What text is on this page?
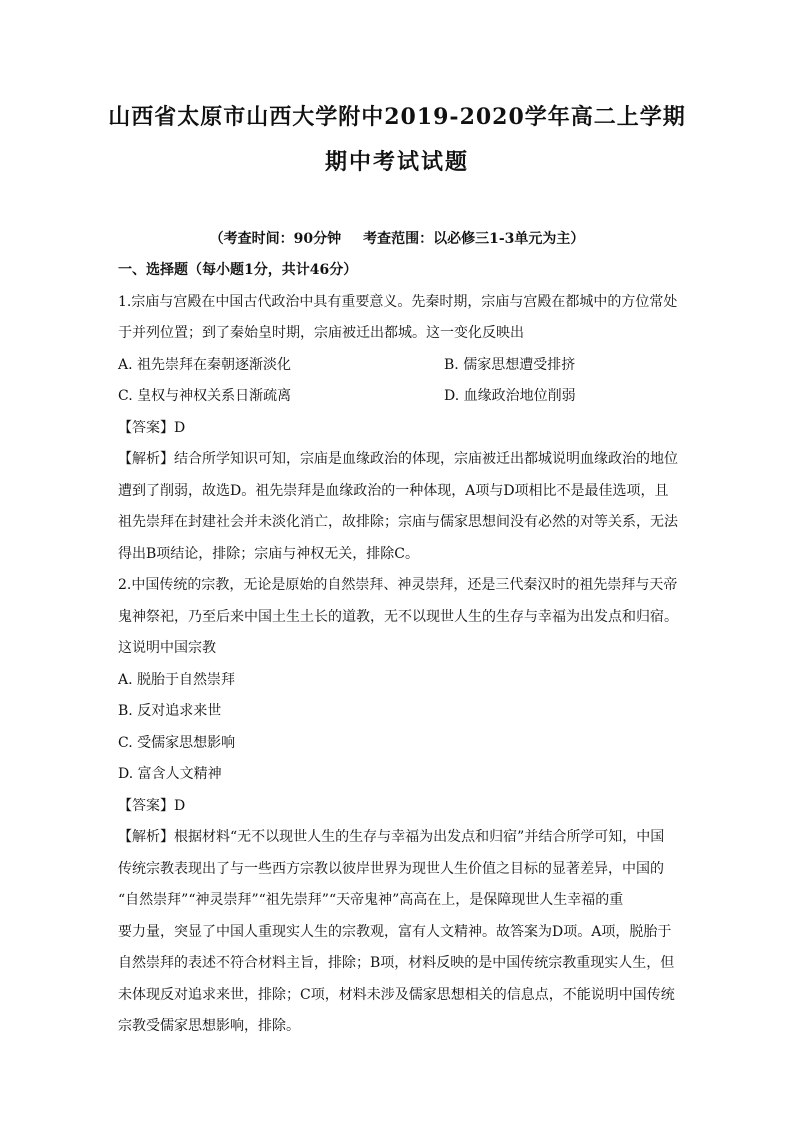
山西省太原市山西大学附中2019-2020学年高二上学期
期中考试试题
（考查时间：90分钟 考查范围：以必修三1-3单元为主）
一、选择题（每小题1分，共计46分）
1.宗庙与宫殿在中国古代政治中具有重要意义。先秦时期，宗庙与宫殿在都城中的方位常处
于并列位置；到了秦始皇时期，宗庙被迁出都城。这一变化反映出
A. 祖先崇拜在秦朝逐渐淡化	B. 儒家思想遭受排挤
C. 皇权与神权关系日渐疏离	D. 血缘政治地位削弱
【答案】D
【解析】结合所学知识可知，宗庙是血缘政治的体现，宗庙被迁出都城说明血缘政治的地位
遭到了削弱，故选D。祖先崇拜是血缘政治的一种体现，A项与D项相比不是最佳选项，且
祖先崇拜在封建社会并未淡化消亡，故排除；宗庙与儒家思想间没有必然的对等关系，无法
得出B项结论，排除；宗庙与神权无关，排除C。
2.中国传统的宗教，无论是原始的自然崇拜、神灵崇拜，还是三代秦汉时的祖先崇拜与天帝
鬼神祭祀，乃至后来中国土生土长的道教，无不以现世人生的生存与幸福为出发点和归宿。
这说明中国宗教
A. 脱胎于自然崇拜
B. 反对追求来世
C. 受儒家思想影响
D. 富含人文精神
【答案】D
【解析】根据材料“无不以现世人生的生存与幸福为出发点和归宿”并结合所学可知，中国
传统宗教表现出了与一些西方宗教以彼岸世界为现世人生价值之目标的显著差异，中国的
“自然崇拜”“神灵崇拜”“祖先崇拜”“天帝鬼神”高高在上，是保障现世人生幸福的重
要力量，突显了中国人重现实人生的宗教观，富有人文精神。故答案为D项。A项，脱胎于
自然崇拜的表述不符合材料主旨，排除；B项，材料反映的是中国传统宗教重现实人生，但
未体现反对追求来世，排除；C项，材料未涉及儒家思想相关的信息点，不能说明中国传统
宗教受儒家思想影响，排除。
